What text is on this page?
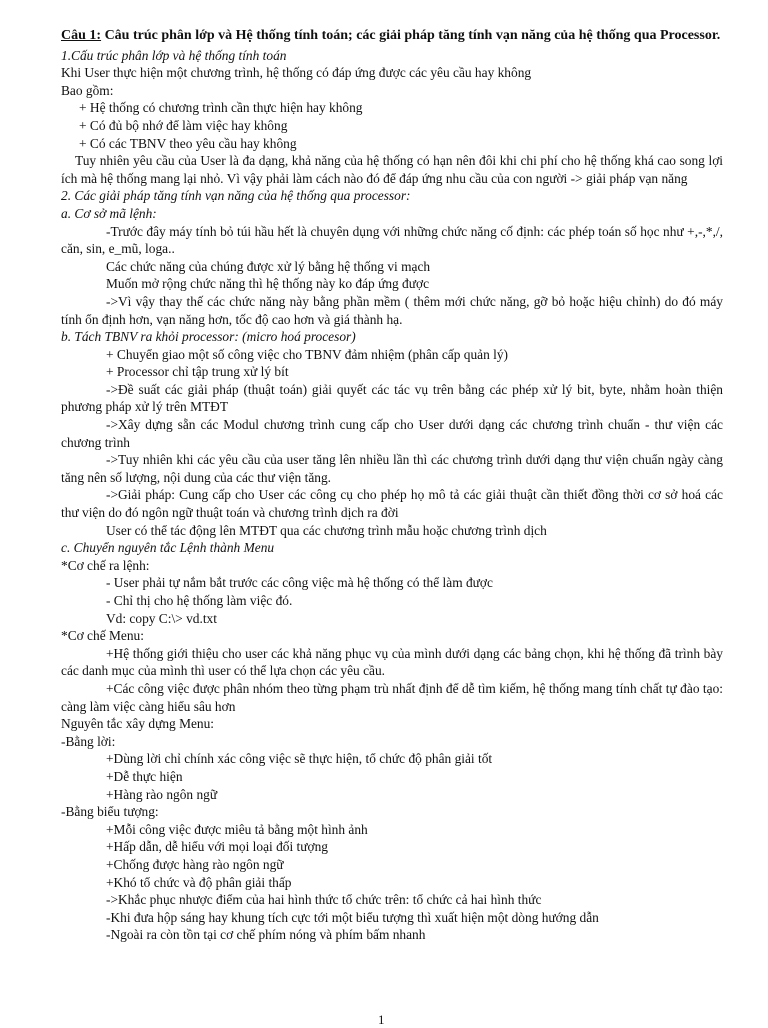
Câu 1: Câu trúc phân lớp và Hệ thống tính toán; các giải pháp tăng tính vạn năng của hệ thống qua Processor.
1.Cấu trúc phân lớp và hệ thống tính toán
Khi User thực hiện một chương trình, hệ thống có đáp ứng được các yêu cầu hay không
Bao gồm:
+ Hệ thống có chương trình cần thực hiện hay không
+ Có đủ bộ nhớ để làm việc hay không
+ Có các TBNV theo yêu cầu hay không
Tuy nhiên yêu cầu của User là đa dạng, khả năng của hệ thống có hạn nên đôi khi chi phí cho hệ thống khá cao song lợi ích mà hệ thống mang lại nhỏ. Vì vậy phải làm cách nào đó để đáp ứng nhu cầu của con người -> giải pháp vạn năng
2. Các giải pháp tăng tính vạn năng của hệ thống qua processor:
a. Cơ sở mã lệnh:
-Trước đây máy tính bỏ túi hầu hết là chuyên dụng với những chức năng cố định: các phép toán số học như +,-,*,/, căn, sin, e_mũ, loga..
Các chức năng của chúng được xử lý bằng hệ thống vi mạch
Muốn mở rộng chức năng thì hệ thống này ko đáp ứng được
->Vì vậy thay thế các chức năng này bằng phần mềm ( thêm mới chức năng, gỡ bỏ hoặc hiệu chỉnh) do đó máy tính ổn định hơn, vạn năng hơn, tốc độ cao hơn và giá thành hạ.
b. Tách TBNV ra khỏi processor: (micro hoá procesor)
+ Chuyển giao một số công việc cho TBNV đảm nhiệm (phân cấp quản lý)
+ Processor chỉ tập trung xử lý bít
->Đề suất các giải pháp (thuật toán) giải quyết các tác vụ trên bằng các phép xử lý bit, byte, nhằm hoàn thiện phương pháp xử lý trên MTĐT
->Xây dựng sẵn các Modul chương trình cung cấp cho User dưới dạng các chương trình chuẩn - thư viện các chương trình
->Tuy nhiên khi các yêu cầu của user tăng lên nhiều lần thì các chương trình dưới dạng thư viện chuẩn ngày càng tăng nên số lượng, nội dung của các thư viện tăng.
->Giải pháp: Cung cấp cho User các công cụ cho phép họ mô tả các giải thuật cần thiết đồng thời cơ sở hoá các thư viện do đó ngôn ngữ thuật toán và chương trình dịch ra đời
User có thể tác động lên MTĐT qua các chương trình mẫu hoặc chương trình dịch
c. Chuyển nguyên tắc Lệnh thành Menu
*Cơ chế ra lệnh:
- User phải tự nắm bắt trước các công việc mà hệ thống có thể làm được
- Chỉ thị cho hệ thống làm việc đó.
Vd: copy C:\> vd.txt
*Cơ chế Menu:
+Hệ thống giới thiệu cho user các khả năng phục vụ của mình dưới dạng các bảng chọn, khi hệ thống đã trình bày các danh mục của mình thì user có thể lựa chọn các yêu cầu.
+Các công việc được phân nhóm theo từng phạm trù nhất định để dễ tìm kiếm, hệ thống mang tính chất tự đào tạo: càng làm việc càng hiểu sâu hơn
Nguyên tắc xây dựng Menu:
-Bằng lời:
+Dùng lời chỉ chính xác công việc sẽ thực hiện, tổ chức độ phân giải tốt
+Dễ thực hiện
+Hàng rào ngôn ngữ
-Bằng biểu tượng:
+Mỗi công việc được miêu tả bằng một hình ảnh
+Hấp dẫn, dễ hiểu với mọi loại đối tượng
+Chống được hàng rào ngôn ngữ
+Khó tổ chức và độ phân giải thấp
->Khắc phục nhược điểm của hai hình thức tổ chức trên: tổ chức cả hai hình thức
-Khi đưa hộp sáng hay khung tích cực tới một biểu tượng thì xuất hiện một dòng hướng dẫn
-Ngoài ra còn tồn tại cơ chế phím nóng và phím bấm nhanh
1
